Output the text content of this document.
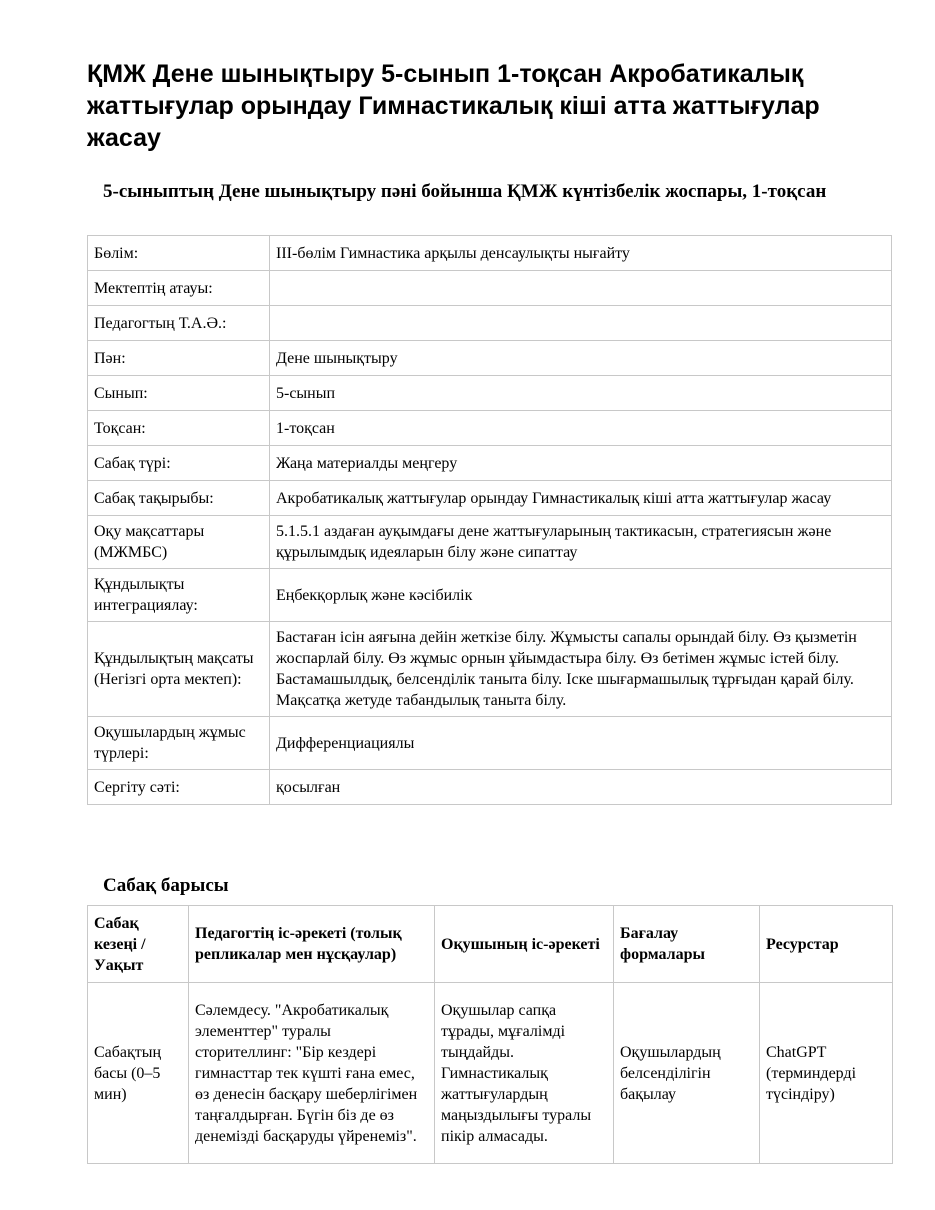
ҚМЖ Дене шынықтыру 5-сынып 1-тоқсан Акробатикалық жаттығулар орындау Гимнастикалық кіші атта жаттығулар жасау
5-сыныптың Дене шынықтыру пәні бойынша ҚМЖ күнтізбелік жоспары, 1-тоқсан
Бөлім:	III-бөлім Гимнастика арқылы денсаулықты нығайту
Мектептің атауы:	
Педагогтың Т.А.Ә.:	
Пән:	Дене шынықтыру
Сынып:	5-сынып
Тоқсан:	1-тоқсан
Сабақ түрі:	Жаңа материалды меңгеру
Сабақ тақырыбы:	Акробатикалық жаттығулар орындау Гимнастикалық кіші атта жаттығулар жасау
Оқу мақсаттары (МЖМБС)	5.1.5.1 аздаған ауқымдағы дене жаттығуларының тактикасын, стратегиясын және құрылымдық идеяларын білу және сипаттау
Құндылықты интеграциялау:	Еңбекқорлық және кәсібилік
Құндылықтың мақсаты (Негізгі орта мектеп):	Бастаған ісін аяғына дейін жеткізе білу. Жұмысты сапалы орындай білу. Өз қызметін жоспарлай білу. Өз жұмыс орнын ұйымдастыра білу. Өз бетімен жұмыс істей білу. Бастамашылдық, белсенділік таныта білу. Іске шығармашылық тұрғыдан қарай білу. Мақсатқа жетуде табандылық таныта білу.
Оқушылардың жұмыс түрлері:	Дифференциациялы
Сергіту сәті:	қосылған
Сабақ барысы
Сабақ кезеңі / Уақыт	Педагогтің іс-әрекеті (толық репликалар мен нұсқаулар)	Оқушының іс-әрекеті	Бағалау формалары	Ресурстар
Сабақтың басы (0–5 мин)	Сәлемдесу. "Акробатикалық элементтер" туралы сторителлинг: "Бір кездері гимнасттар тек күшті ғана емес, өз денесін басқару шеберлігімен таңғалдырған. Бүгін біз де өз денемізді басқаруды үйренеміз".	Оқушылар сапқа тұрады, мұғалімді тыңдайды. Гимнастикалық жаттығулардың маңыздылығы туралы пікір алмасады.	Оқушылардың белсенділігін бақылау	ChatGPT (терминдерді түсіндіру)
